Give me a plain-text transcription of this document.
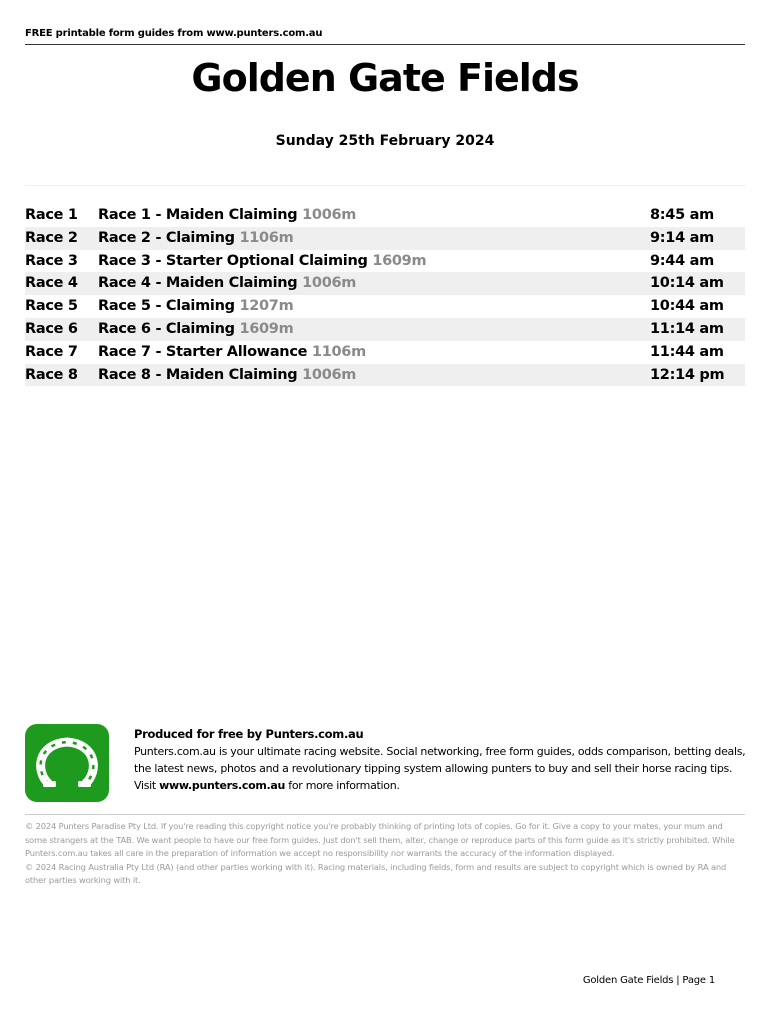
FREE printable form guides from www.punters.com.au
Golden Gate Fields
Sunday 25th February 2024
Race 1 Race 1 - Maiden Claiming 1006m	8:45 am
Race 2 Race 2 - Claiming 1106m	9:14 am
Race 3 Race 3 - Starter Optional Claiming 1609m	9:44 am
Race 4 Race 4 - Maiden Claiming 1006m	10:14 am
Race 5 Race 5 - Claiming 1207m	10:44 am
Race 6 Race 6 - Claiming 1609m	11:14 am
Race 7 Race 7 - Starter Allowance 1106m	11:44 am
Race 8 Race 8 - Maiden Claiming 1006m	12:14 pm
Produced for free by Punters.com.au
Punters.com.au is your ultimate racing website. Social networking, free form guides, odds comparison, betting deals, the latest news, photos and a revolutionary tipping system allowing punters to buy and sell their horse racing tips.
Visit www.punters.com.au for more information.
© 2024 Punters Paradise Pty Ltd. If you're reading this copyright notice you're probably thinking of printing lots of copies. Go for it. Give a copy to your mates, your mum and some strangers at the TAB. We want people to have our free form guides. Just don't sell them, alter, change or reproduce parts of this form guide as it's strictly prohibited. While Punters.com.au takes all care in the preparation of information we accept no responsibility nor warrants the accuracy of the information displayed.
© 2024 Racing Australia Pty Ltd (RA) (and other parties working with it). Racing materials, including fields, form and results are subject to copyright which is owned by RA and other parties working with it.
Golden Gate Fields | Page 1
